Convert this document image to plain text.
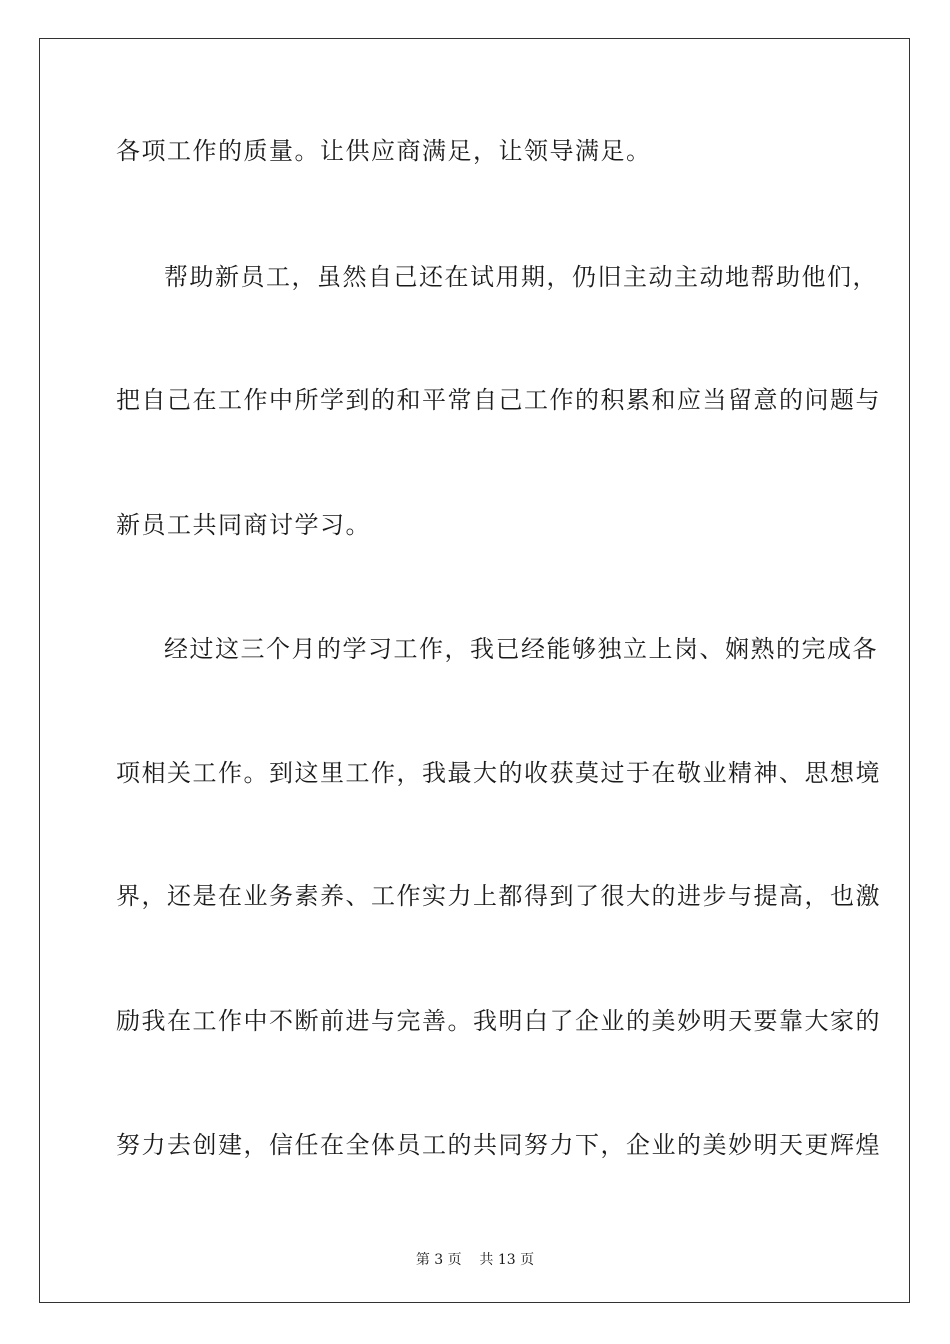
各项工作的质量。让供应商满足，让领导满足。
帮助新员工，虽然自己还在试用期，仍旧主动主动地帮助他们，
把自己在工作中所学到的和平常自己工作的积累和应当留意的问题与
新员工共同商讨学习。
经过这三个月的学习工作，我已经能够独立上岗、娴熟的完成各
项相关工作。到这里工作，我最大的收获莫过于在敬业精神、思想境
界，还是在业务素养、工作实力上都得到了很大的进步与提高，也激
励我在工作中不断前进与完善。我明白了企业的美妙明天要靠大家的
努力去创建，信任在全体员工的共同努力下，企业的美妙明天更辉煌
第 3 页    共 13 页
